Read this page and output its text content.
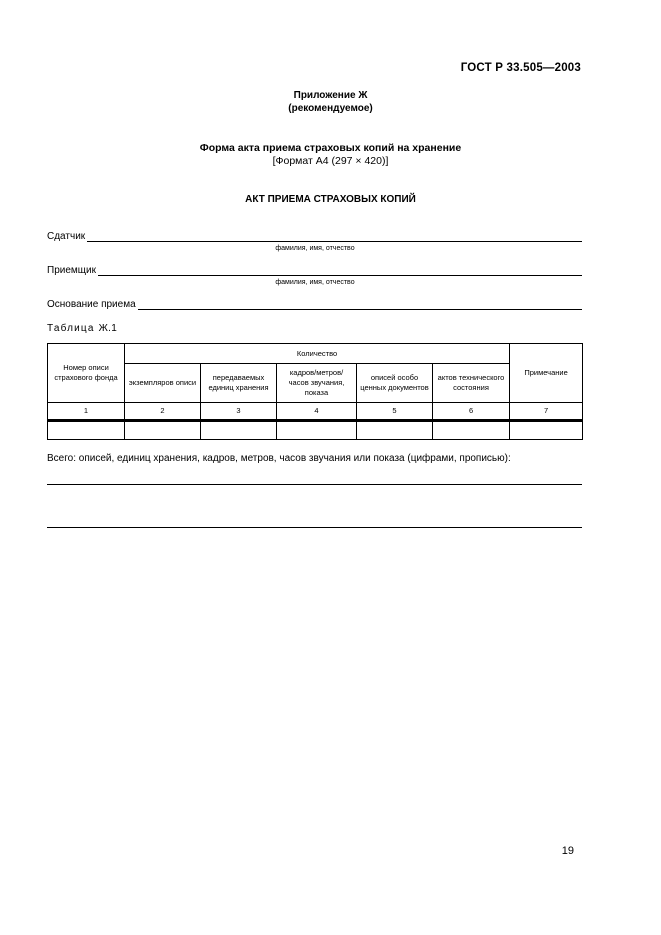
ГОСТ Р 33.505—2003
Приложение Ж
(рекомендуемое)
Форма акта приема страховых копий на хранение
[Формат А4 (297 × 420)]
АКТ ПРИЕМА СТРАХОВЫХ КОПИЙ
Сдатчик
фамилия, имя, отчество
Приемщик
фамилия, имя, отчество
Основание приема
Таблица Ж.1
Номер описи страхового фонда	Количество					Примечание
	экземпляров описи	передаваемых единиц хранения	кадров/метров/ часов звучания, показа	описей особо ценных документов	актов технического состояния	
1	2	3	4	5	6	7

Всего: описей, единиц хранения, кадров, метров, часов звучания или показа (цифрами, прописью):
19
